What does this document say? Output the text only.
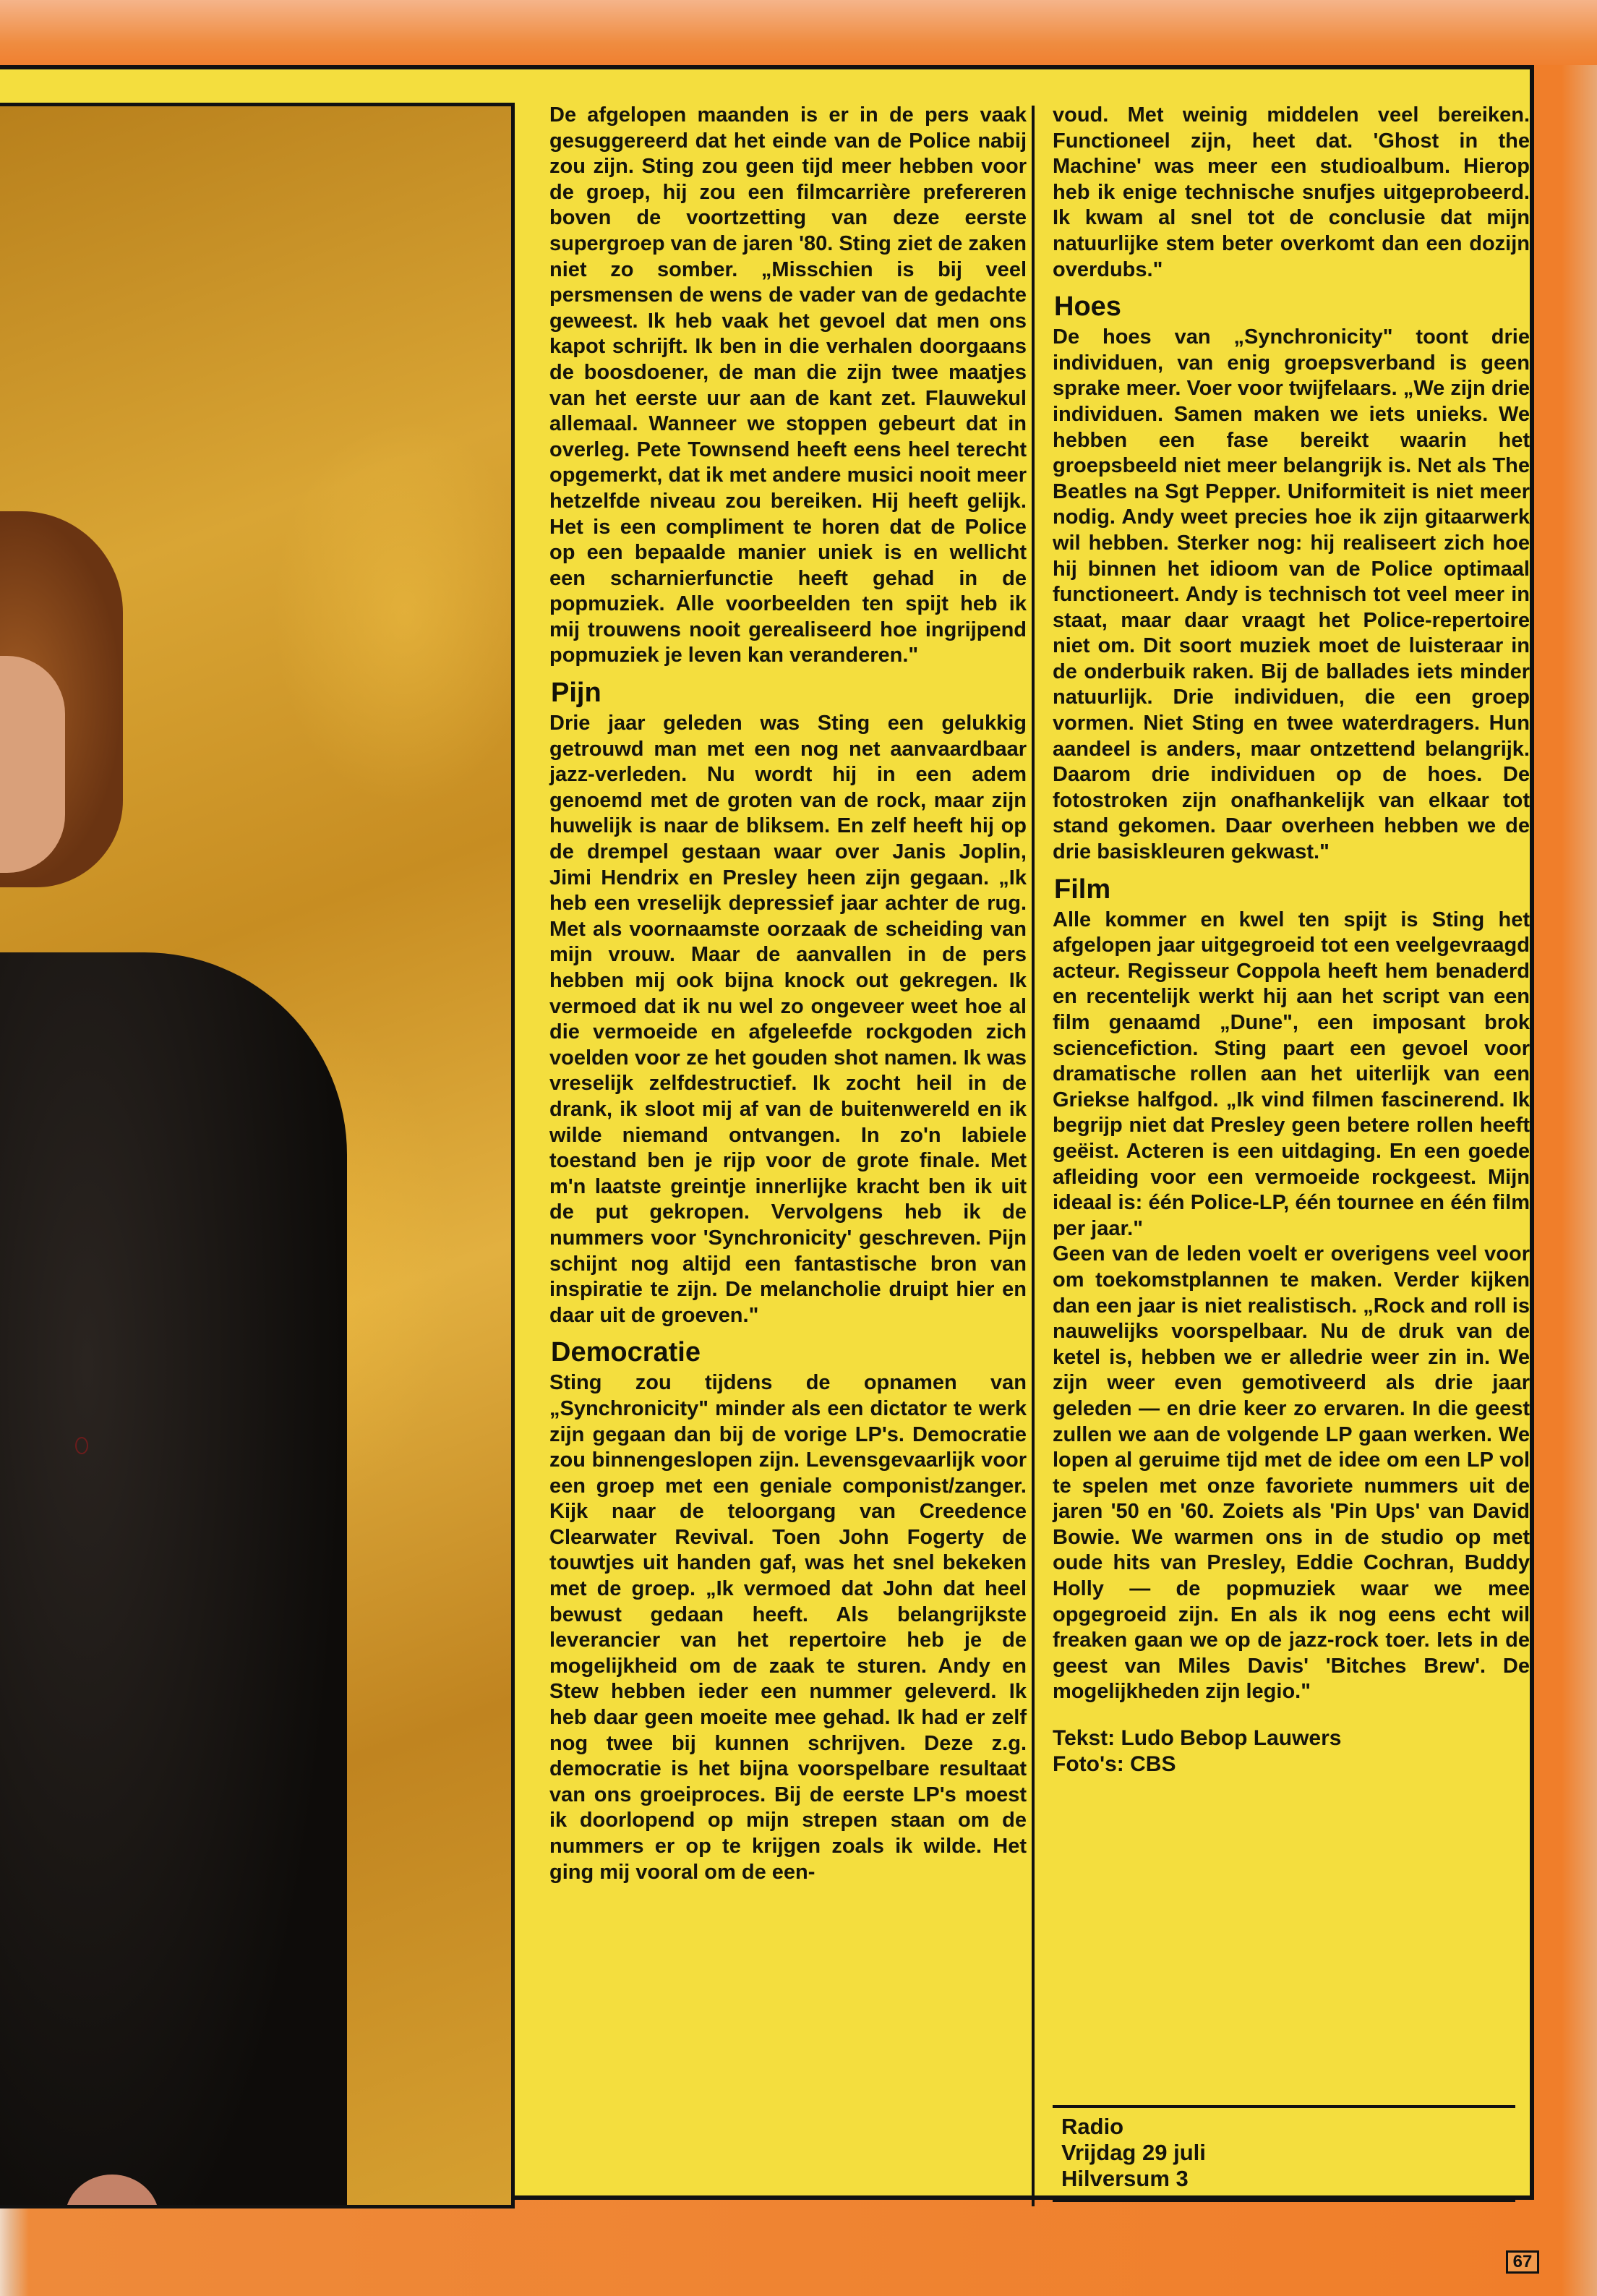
De afgelopen maanden is er in de pers vaak gesuggereerd dat het einde van de Police nabij zou zijn. Sting zou geen tijd meer hebben voor de groep, hij zou een filmcarrière prefereren boven de voortzetting van deze eerste supergroep van de jaren '80. Sting ziet de zaken niet zo somber. „Misschien is bij veel persmensen de wens de vader van de gedachte geweest. Ik heb vaak het gevoel dat men ons kapot schrijft. Ik ben in die verhalen doorgaans de boosdoener, de man die zijn twee maatjes van het eerste uur aan de kant zet. Flauwekul allemaal. Wanneer we stoppen gebeurt dat in overleg. Pete Townsend heeft eens heel terecht opgemerkt, dat ik met andere musici nooit meer hetzelfde niveau zou bereiken. Hij heeft gelijk. Het is een compliment te horen dat de Police op een bepaalde manier uniek is en wellicht een scharnierfunctie heeft gehad in de popmuziek. Alle voorbeelden ten spijt heb ik mij trouwens nooit gerealiseerd hoe ingrijpend popmuziek je leven kan veranderen."

Pijn

Drie jaar geleden was Sting een gelukkig getrouwd man met een nog net aanvaardbaar jazz-verleden. Nu wordt hij in een adem genoemd met de groten van de rock, maar zijn huwelijk is naar de bliksem. En zelf heeft hij op de drempel gestaan waar over Janis Joplin, Jimi Hendrix en Presley heen zijn gegaan. „Ik heb een vreselijk depressief jaar achter de rug. Met als voornaamste oorzaak de scheiding van mijn vrouw. Maar de aanvallen in de pers hebben mij ook bijna knock out gekregen. Ik vermoed dat ik nu wel zo ongeveer weet hoe al die vermoeide en afgeleefde rockgoden zich voelden voor ze het gouden shot namen. Ik was vreselijk zelfdestructief. Ik zocht heil in de drank, ik sloot mij af van de buitenwereld en ik wilde niemand ontvangen. In zo'n labiele toestand ben je rijp voor de grote finale. Met m'n laatste greintje innerlijke kracht ben ik uit de put gekropen. Vervolgens heb ik de nummers voor 'Synchronicity' geschreven. Pijn schijnt nog altijd een fantastische bron van inspiratie te zijn. De melancholie druipt hier en daar uit de groeven."

Democratie

Sting zou tijdens de opnamen van „Synchronicity" minder als een dictator te werk zijn gegaan dan bij de vorige LP's. Democratie zou binnengeslopen zijn. Levensgevaarlijk voor een groep met een geniale componist/zanger. Kijk naar de teloorgang van Creedence Clearwater Revival. Toen John Fogerty de touwtjes uit handen gaf, was het snel bekeken met de groep. „Ik vermoed dat John dat heel bewust gedaan heeft. Als belangrijkste leverancier van het repertoire heb je de mogelijkheid om de zaak te sturen. Andy en Stew hebben ieder een nummer geleverd. Ik heb daar geen moeite mee gehad. Ik had er zelf nog twee bij kunnen schrijven. Deze z.g. democratie is het bijna voorspelbare resultaat van ons groeiproces. Bij de eerste LP's moest ik doorlopend op mijn strepen staan om de nummers er op te krijgen zoals ik wilde. Het ging mij vooral om de een-

voud. Met weinig middelen veel bereiken. Functioneel zijn, heet dat. 'Ghost in the Machine' was meer een studioalbum. Hierop heb ik enige technische snufjes uitgeprobeerd. Ik kwam al snel tot de conclusie dat mijn natuurlijke stem beter overkomt dan een dozijn overdubs."

Hoes

De hoes van „Synchronicity" toont drie individuen, van enig groepsverband is geen sprake meer. Voer voor twijfelaars. „We zijn drie individuen. Samen maken we iets unieks. We hebben een fase bereikt waarin het groepsbeeld niet meer belangrijk is. Net als The Beatles na Sgt Pepper. Uniformiteit is niet meer nodig. Andy weet precies hoe ik zijn gitaarwerk wil hebben. Sterker nog: hij realiseert zich hoe hij binnen het idioom van de Police optimaal functioneert. Andy is technisch tot veel meer in staat, maar daar vraagt het Police-repertoire niet om. Dit soort muziek moet de luisteraar in de onderbuik raken. Bij de ballades iets minder natuurlijk. Drie individuen, die een groep vormen. Niet Sting en twee waterdragers. Hun aandeel is anders, maar ontzettend belangrijk. Daarom drie individuen op de hoes. De fotostroken zijn onafhankelijk van elkaar tot stand gekomen. Daar overheen hebben we de drie basiskleuren gekwast."

Film

Alle kommer en kwel ten spijt is Sting het afgelopen jaar uitgegroeid tot een veelgevraagd acteur. Regisseur Coppola heeft hem benaderd en recentelijk werkt hij aan het script van een film genaamd „Dune", een imposant brok sciencefiction. Sting paart een gevoel voor dramatische rollen aan het uiterlijk van een Griekse halfgod. „Ik vind filmen fascinerend. Ik begrijp niet dat Presley geen betere rollen heeft geëist. Acteren is een uitdaging. En een goede afleiding voor een vermoeide rockgeest. Mijn ideaal is: één Police-LP, één tournee en één film per jaar."

Geen van de leden voelt er overigens veel voor om toekomstplannen te maken. Verder kijken dan een jaar is niet realistisch. „Rock and roll is nauwelijks voorspelbaar. Nu de druk van de ketel is, hebben we er alledrie weer zin in. We zijn weer even gemotiveerd als drie jaar geleden — en drie keer zo ervaren. In die geest zullen we aan de volgende LP gaan werken. We lopen al geruime tijd met de idee om een LP vol te spelen met onze favoriete nummers uit de jaren '50 en '60. Zoiets als 'Pin Ups' van David Bowie. We warmen ons in de studio op met oude hits van Presley, Eddie Cochran, Buddy Holly — de popmuziek waar we mee opgegroeid zijn. En als ik nog eens echt wil freaken gaan we op de jazz-rock toer. Iets in de geest van Miles Davis' 'Bitches Brew'. De mogelijkheden zijn legio."

Tekst: Ludo Bebop Lauwers
Foto's: CBS
Radio
Vrijdag 29 juli
Hilversum 3
67
